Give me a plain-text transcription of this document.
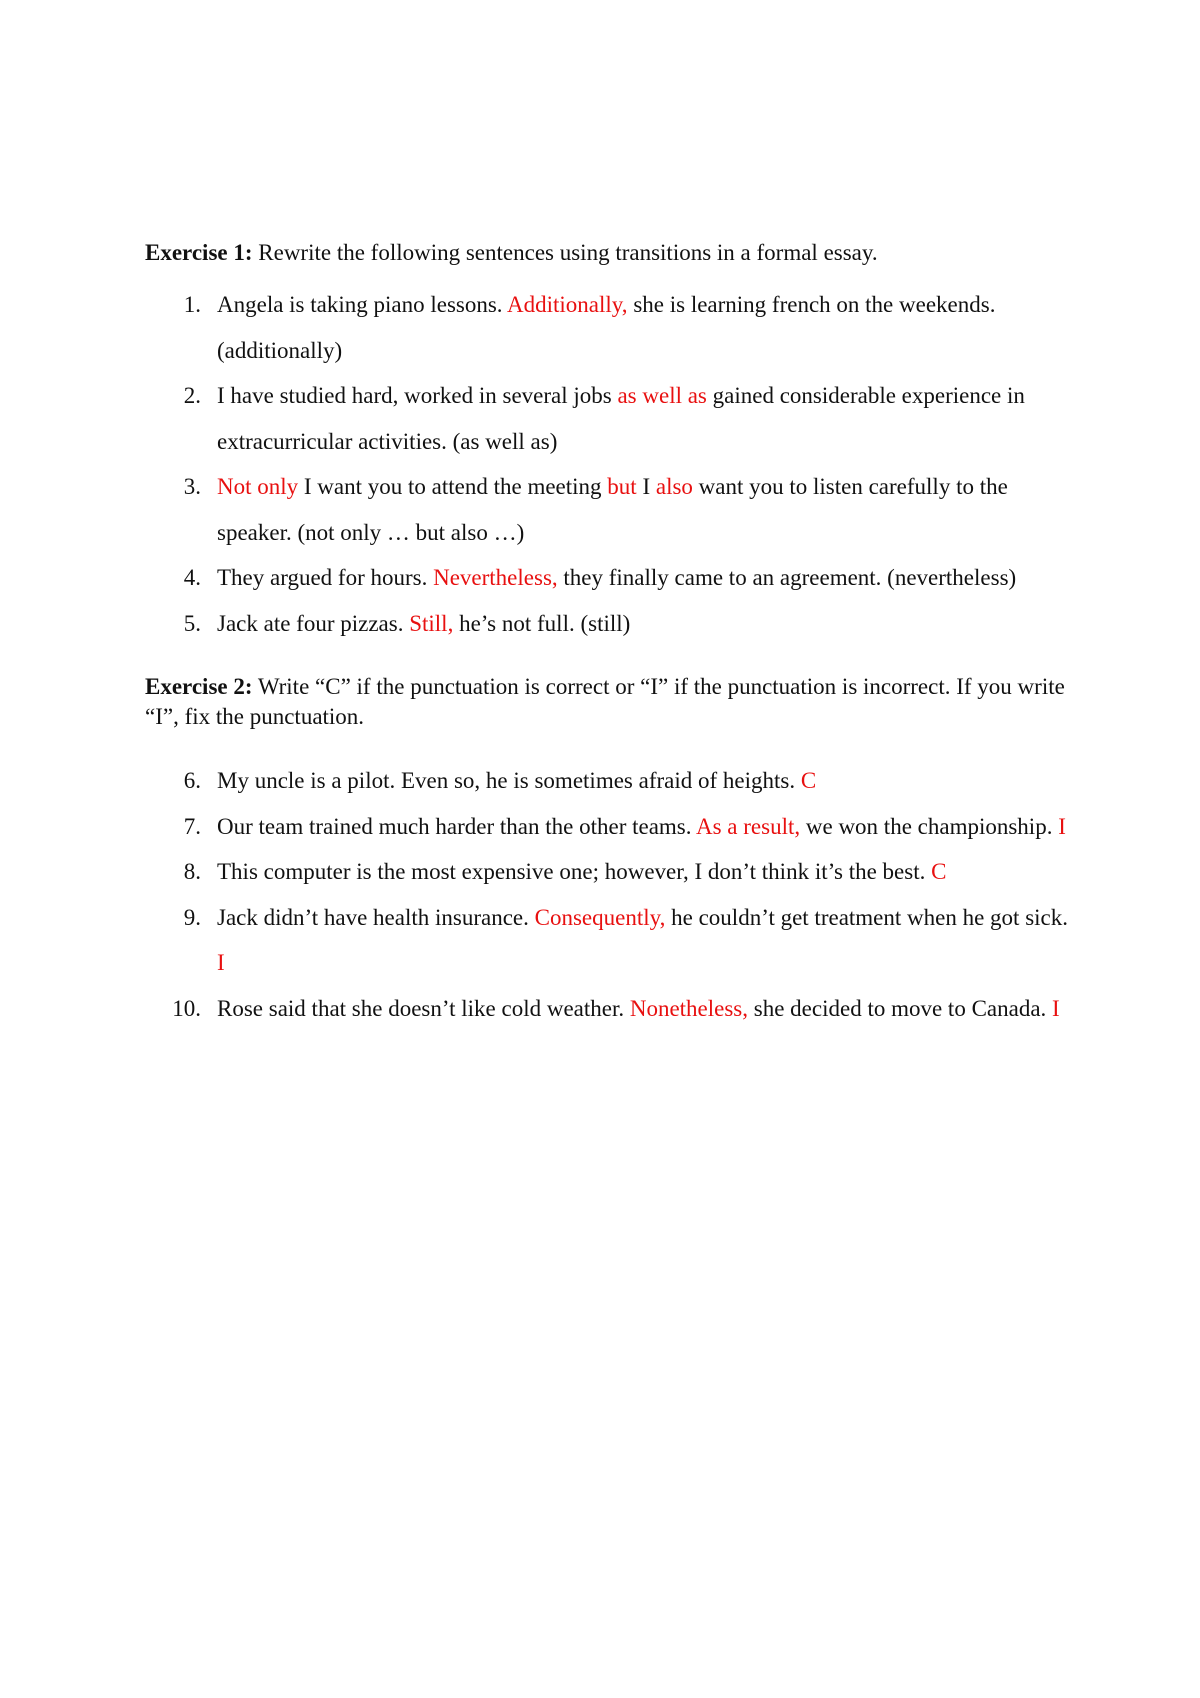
Exercise 1: Rewrite the following sentences using transitions in a formal essay.

1. Angela is taking piano lessons. Additionally, she is learning french on the weekends. (additionally)
2. I have studied hard, worked in several jobs as well as gained considerable experience in extracurricular activities. (as well as)
3. Not only I want you to attend the meeting but I also want you to listen carefully to the speaker. (not only … but also …)
4. They argued for hours. Nevertheless, they finally came to an agreement. (nevertheless)
5. Jack ate four pizzas. Still, he’s not full. (still)

Exercise 2: Write “C” if the punctuation is correct or “I” if the punctuation is incorrect. If you write “I”, fix the punctuation.

6. My uncle is a pilot. Even so, he is sometimes afraid of heights. C
7. Our team trained much harder than the other teams. As a result, we won the championship. I
8. This computer is the most expensive one; however, I don’t think it’s the best. C
9. Jack didn’t have health insurance. Consequently, he couldn’t get treatment when he got sick. I
10. Rose said that she doesn’t like cold weather. Nonetheless, she decided to move to Canada. I
